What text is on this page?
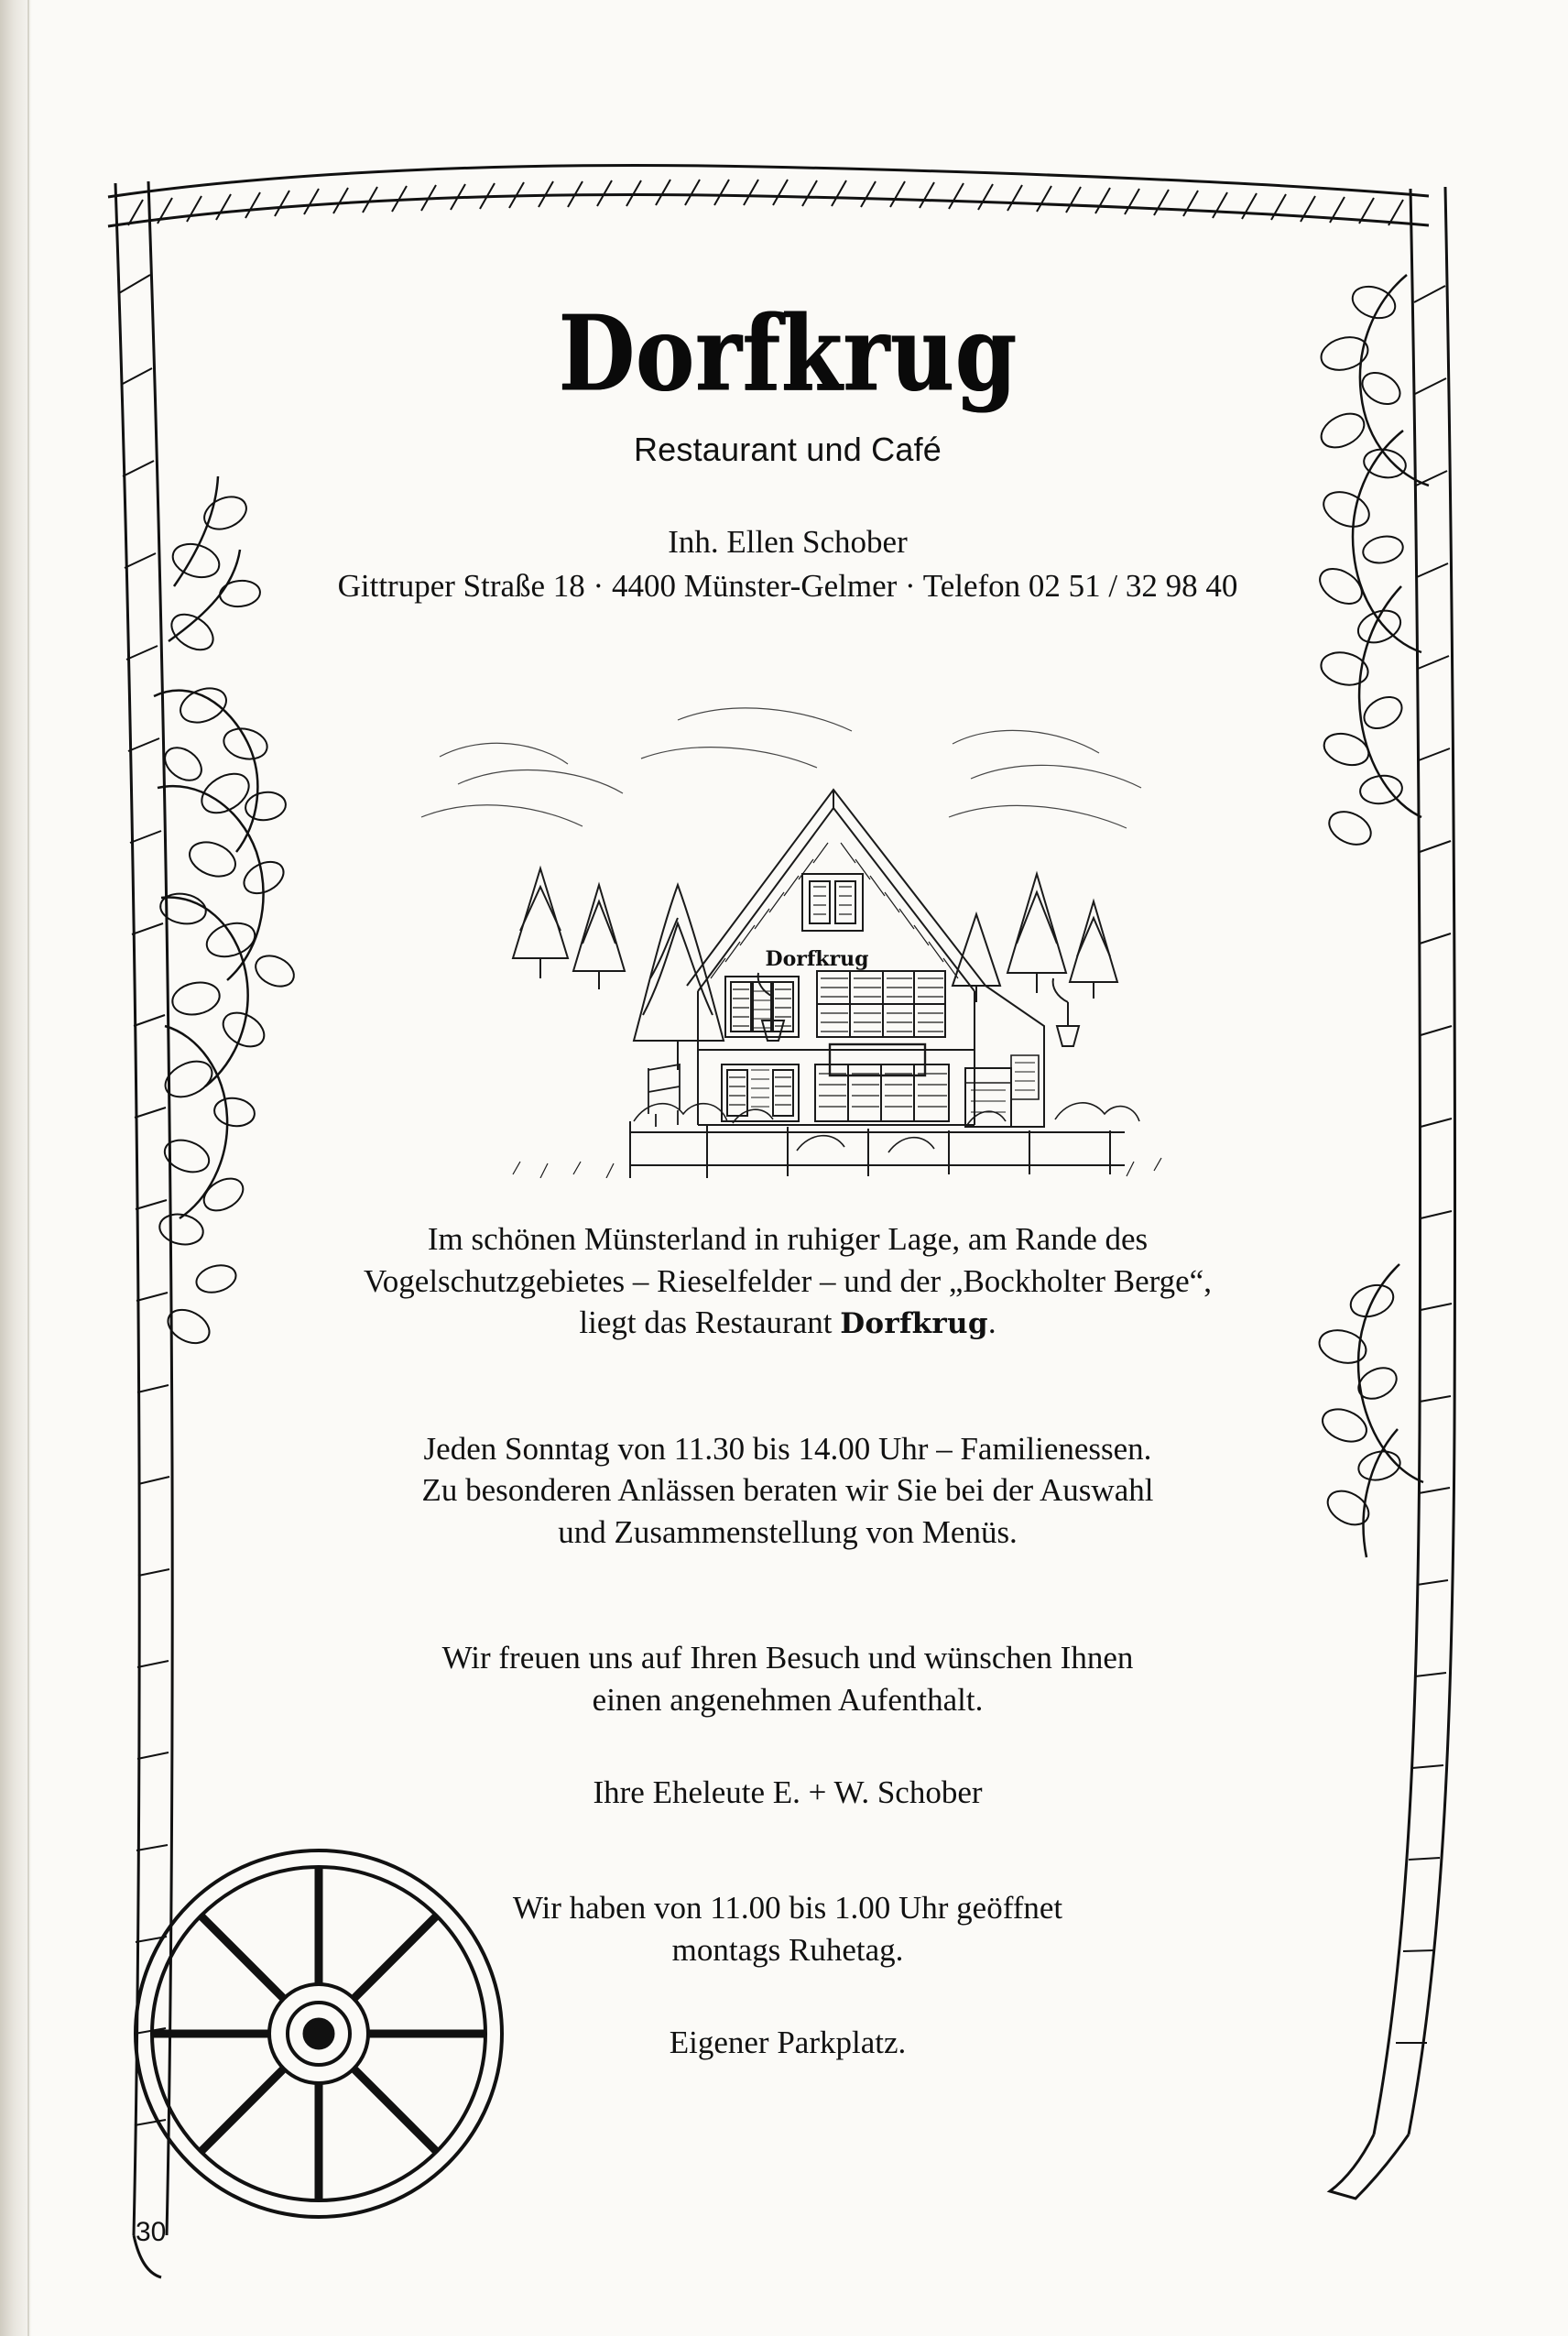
Dorfkrug
Restaurant und Café
Inh. Ellen Schober
Gittruper Straße 18 · 4400 Münster-Gelmer · Telefon 02 51 / 32 98 40
Dorfkrug
Im schönen Münsterland in ruhiger Lage, am Rande des
Vogelschutzgebietes – Rieselfelder – und der „Bockholter Berge“,
liegt das Restaurant Dorfkrug.
Jeden Sonntag von 11.30 bis 14.00 Uhr – Familienessen.
Zu besonderen Anlässen beraten wir Sie bei der Auswahl
und Zusammenstellung von Menüs.
Wir freuen uns auf Ihren Besuch und wünschen Ihnen
einen angenehmen Aufenthalt.
Ihre Eheleute E. + W. Schober
Wir haben von 11.00 bis 1.00 Uhr geöffnet
montags Ruhetag.
Eigener Parkplatz.
30
